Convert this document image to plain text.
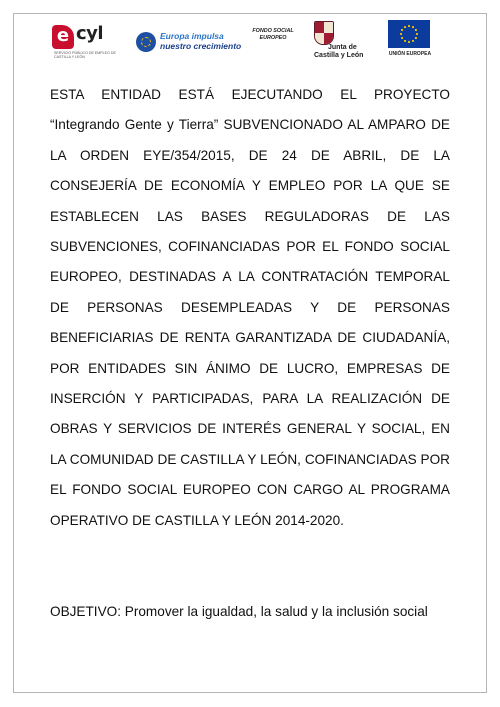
e cyl
SERVICIO PÚBLICO DE EMPLEO DE CASTILLA Y LEÓN
Europa impulsa
nuestro crecimiento
FONDO SOCIAL
EUROPEO
Junta de
Castilla y León	UNIÓN EUROPEA

ESTA ENTIDAD ESTÁ EJECUTANDO EL PROYECTO “Integrando Gente y Tierra” SUBVENCIONADO AL AMPARO DE LA ORDEN EYE/354/2015, DE 24 DE ABRIL, DE LA CONSEJERÍA DE ECONOMÍA Y EMPLEO POR LA QUE SE ESTABLECEN LAS BASES REGULADORAS DE LAS SUBVENCIONES, COFINANCIADAS POR EL FONDO SOCIAL EUROPEO, DESTINADAS A LA CONTRATACIÓN TEMPORAL DE PERSONAS DESEMPLEADAS Y DE PERSONAS BENEFICIARIAS DE RENTA GARANTIZADA DE CIUDADANÍA, POR ENTIDADES SIN ÁNIMO DE LUCRO, EMPRESAS DE INSERCIÓN Y PARTICIPADAS, PARA LA REALIZACIÓN DE OBRAS Y SERVICIOS DE INTERÉS GENERAL Y SOCIAL, EN LA COMUNIDAD DE CASTILLA Y LEÓN, COFINANCIADAS POR EL FONDO SOCIAL EUROPEO CON CARGO AL PROGRAMA OPERATIVO DE CASTILLA Y LEÓN 2014-2020.

OBJETIVO: Promover la igualdad, la salud y la inclusión social
